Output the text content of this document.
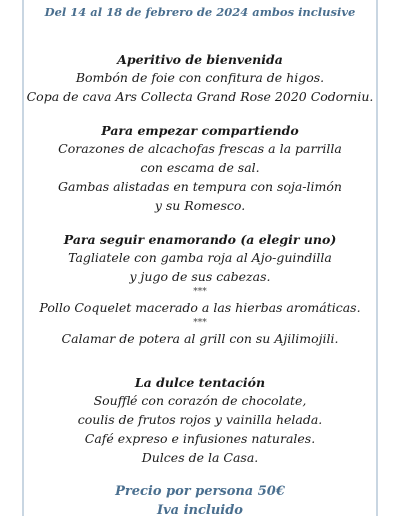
Del 14 al 18 de febrero de 2024 ambos inclusive
Aperitivo de bienvenida
Bombón de foie con confitura de higos.
Copa de cava Ars Collecta Grand Rose 2020 Codorniu.
Para empezar compartiendo
Corazones de alcachofas frescas a la parrilla
con escama de sal.
Gambas alistadas en tempura con soja-limón
y su Romesco.
Para seguir enamorando (a elegir uno)
Tagliatele con gamba roja al Ajo-guindilla
y jugo de sus cabezas.
***
Pollo Coquelet macerado a las hierbas aromáticas.
***
Calamar de potera al grill con su Ajilimojili.
La dulce tentación
Soufflé con corazón de chocolate,
coulis de frutos rojos y vainilla helada.
Café expreso e infusiones naturales.
Dulces de la Casa.
Precio por persona 50€
Iva incluido
